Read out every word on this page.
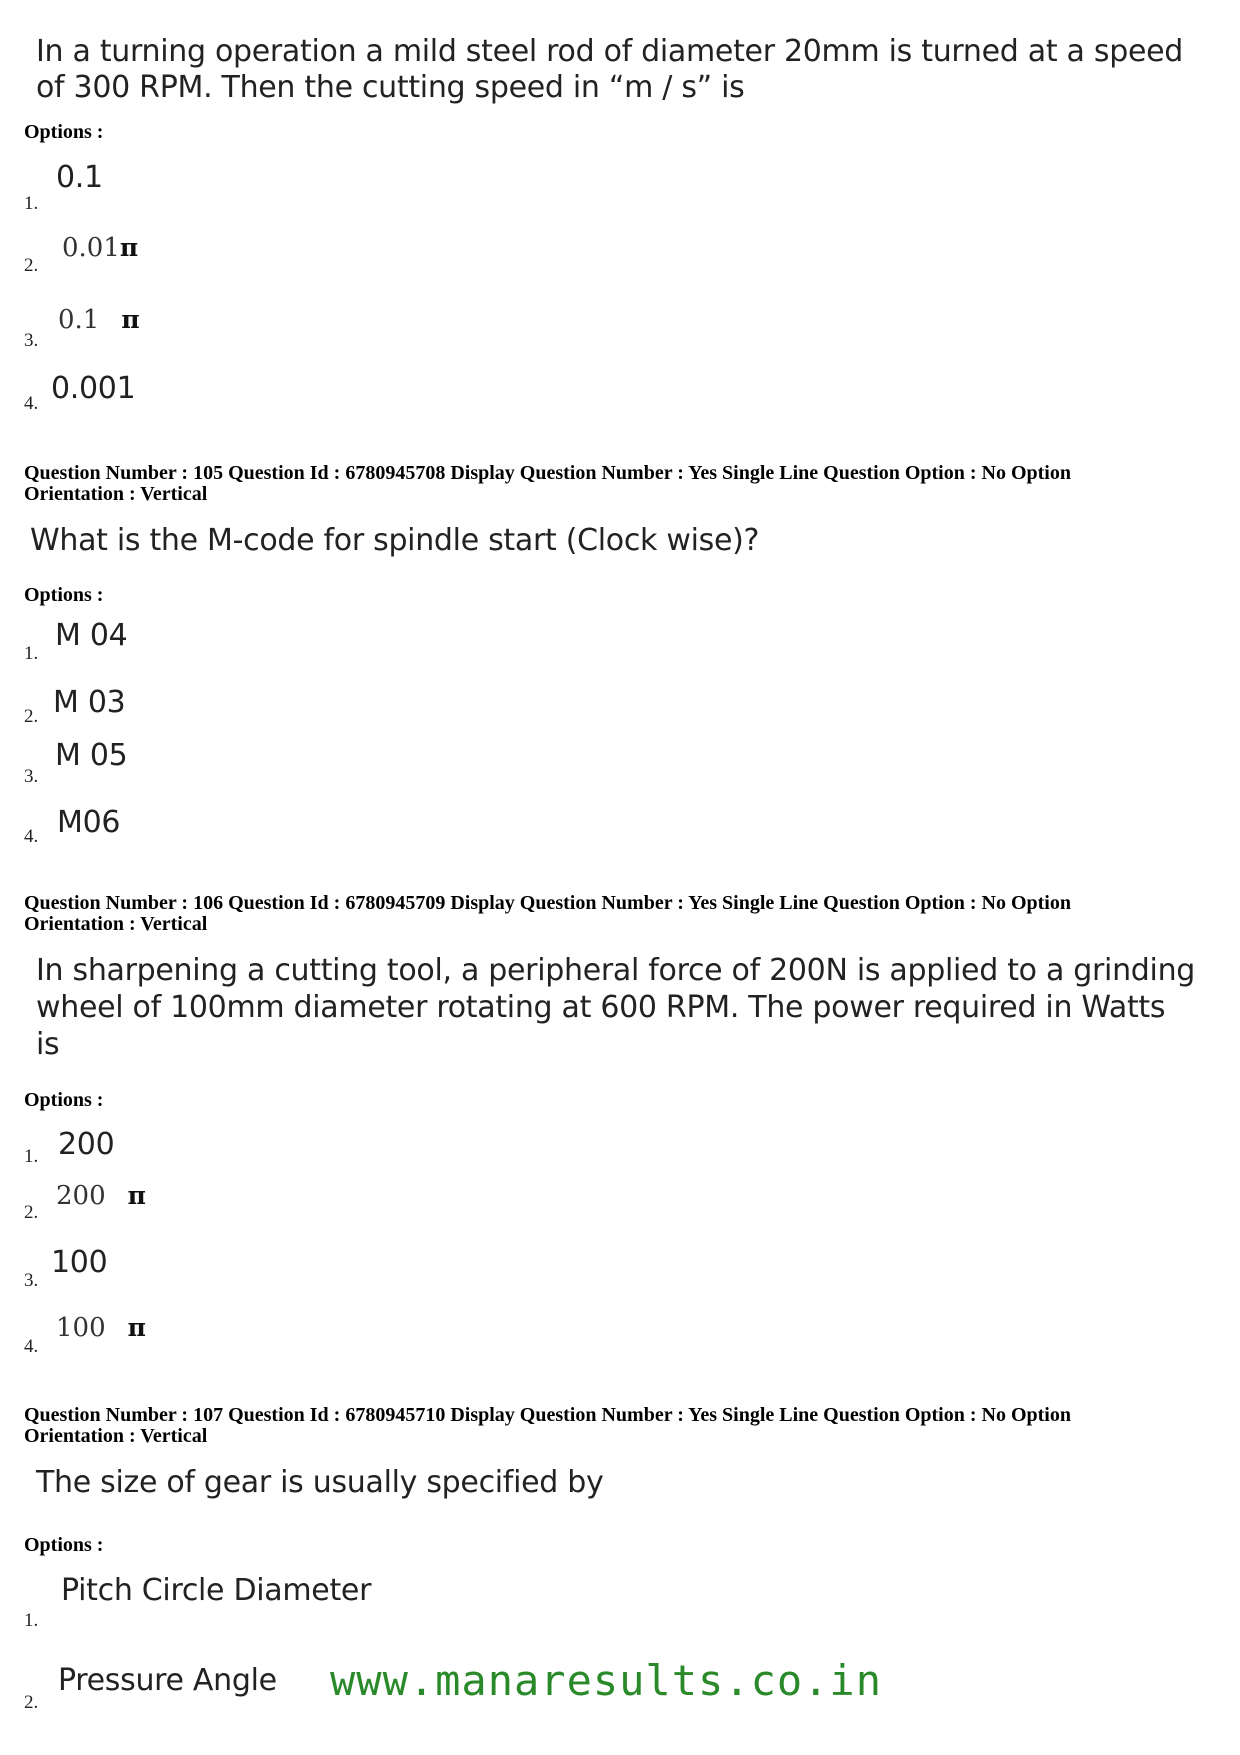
In a turning operation a mild steel rod of diameter 20mm is turned at a speed
of 300 RPM. Then the cutting speed in “m / s” is
Options :
1.
0.1
2.
0.01π
3.
0.1 π
4. 0.001
Question Number : 105 Question Id : 6780945708 Display Question Number : Yes Single Line Question Option : No Option
Orientation : Vertical
What is the M-code for spindle start (Clock wise)?
Options :
1.
M 04
2. M 03
3.
M 05
4. M06
Question Number : 106 Question Id : 6780945709 Display Question Number : Yes Single Line Question Option : No Option
Orientation : Vertical
In sharpening a cutting tool, a peripheral force of 200N is applied to a grinding
wheel of 100mm diameter rotating at 600 RPM. The power required in Watts
is
Options :
1. 200
2.
200 π
3.
100
4.
100 π
Question Number : 107 Question Id : 6780945710 Display Question Number : Yes Single Line Question Option : No Option
Orientation : Vertical
The size of gear is usually specified by
Options :
1.
Pitch Circle Diameter
2.
Pressure Angle www.manaresults.co.in
